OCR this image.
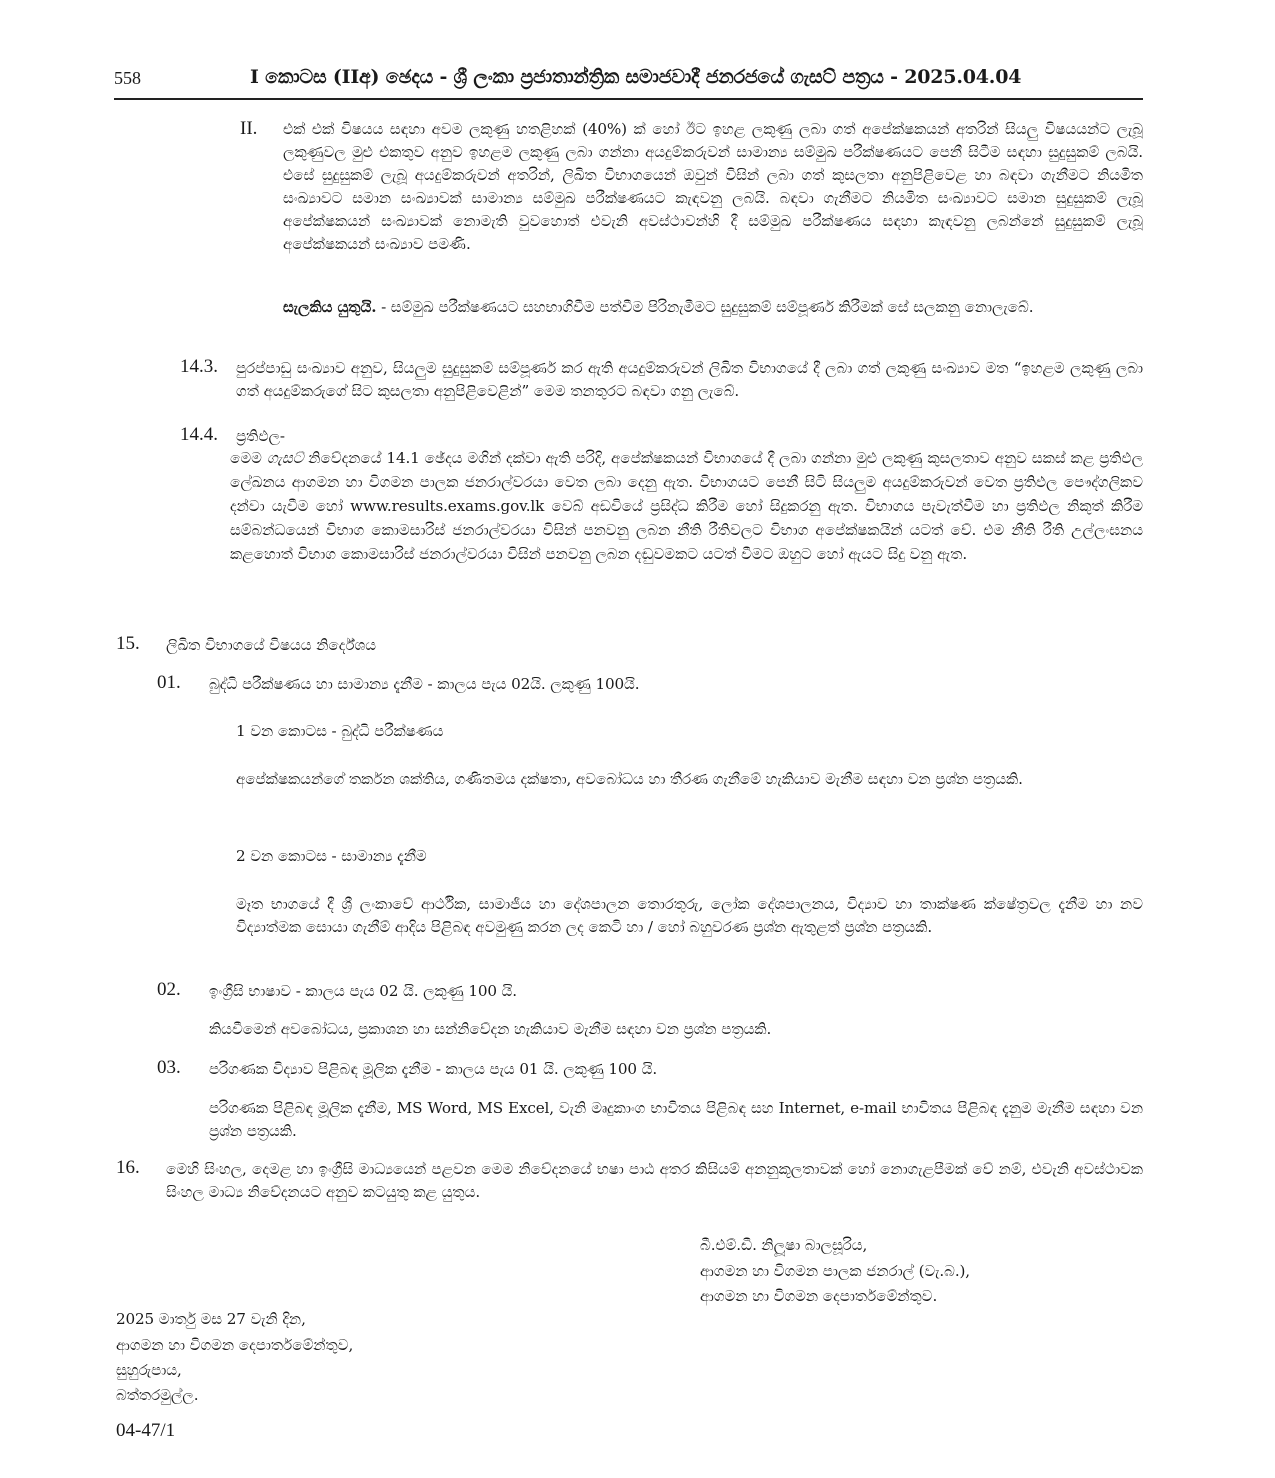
558	I කොටස (IIඅ) ඡෙදය - ශ්‍රී ලංකා ප්‍රජාතාන්ත්‍රික සමාජවාදී ජනරජයේ ගැසට් පත්‍රය - 2025.04.04
II. එක් එක් විෂයය සඳහා අවම ලකුණු හතළිහක් (40%) ක් හෝ ඊට ඉහළ ලකුණු ලබා ගත් අපේක්ෂකයන් අතරින් සියලු විෂයයන්ට ලැබූ ලකුණුවල මුළු එකතුව අනුව ඉහළම ලකුණු ලබා ගන්නා අයදුම්කරුවන් සාමාන්‍ය සම්මුඛ පරීක්ෂණයට පෙනී සිටීම සඳහා සුදුසුකම් ලබයි. එසේ සුදුසුකම් ලැබූ අයදුම්කරුවන් අතරින්, ලිඛිත විභාගයෙන් ඔවුන් විසින් ලබා ගත් කුසලතා අනුපිළිවෙළ හා බඳවා ගැනීමට නියමිත සංඛ්‍යාවට සමාන සංඛ්‍යාවක් සාමාන්‍ය සම්මුඛ පරීක්ෂණයට කැඳවනු ලබයි. බඳවා ගැනීමට නියමිත සංඛ්‍යාවට සමාන සුදුසුකම් ලැබූ අපේක්ෂකයන් සංඛ්‍යාවක් නොමැති වුවහොත් එවැනි අවස්ථාවන්හි දී සම්මුඛ පරීක්ෂණය සඳහා කැඳවනු ලබන්නේ සුදුසුකම් ලැබූ අපේක්ෂකයන් සංඛ්‍යාව පමණි.
සැලකිය යුතුයි. - සම්මුඛ පරීක්ෂණයට සහභාගිවීම පත්වීම පිරිනැමීමට සුදුසුකම් සම්පූර්ණ කිරීමක් සේ සලකනු නොලැබේ.
14.3. පුරප්පාඩු සංඛ්‍යාව අනුව, සියලුම සුදුසුකම් සම්පූර්ණ කර ඇති අයදුම්කරුවන් ලිඛිත විභාගයේ දී ලබා ගත් ලකුණු සංඛ්‍යාව මත “ඉහළම ලකුණු ලබා ගත් අයදුම්කරුගේ සිට කුසලතා අනුපිළිවෙළින්” මෙම තනතුරට බඳවා ගනු ලැබේ.
14.4. ප්‍රතිඵල-
මෙම ගැසට් නිවේදනයේ 14.1 ඡේදය මගින් දක්වා ඇති පරිදි, අපේක්ෂකයන් විභාගයේ දී ලබා ගන්නා මුළු ලකුණු කුසලතාව අනුව සකස් කළ ප්‍රතිඵල ලේඛනය ආගමන හා විගමන පාලක ජනරාල්වරයා වෙත ලබා දෙනු ඇත. විභාගයට පෙනී සිටි සියලුම අයදුම්කරුවන් වෙත ප්‍රතිඵල පෞද්ගලිකව දන්වා යැවීම හෝ www.results.exams.gov.lk වෙබ් අඩවියේ ප්‍රසිද්ධ කිරීම හෝ සිදුකරනු ඇත. විභාගය පැවැත්වීම හා ප්‍රතිඵල නිකුත් කිරීම සම්බන්ධයෙන් විභාග කොමසාරිස් ජනරාල්වරයා විසින් පනවනු ලබන නීති රීතිවලට විභාග අපේක්ෂකයින් යටත් වේ. එම නීති රීති උල්ලංඝනය කළහොත් විභාග කොමසාරිස් ජනරාල්වරයා විසින් පනවනු ලබන දඬුවමකට යටත් වීමට ඔහුට හෝ ඇයට සිදු වනු ඇත.
15. ලිඛිත විභාගයේ විෂයය නිර්දේශය
01. බුද්ධි පරීක්ෂණය හා සාමාන්‍ය දැනීම - කාලය පැය 02යි. ලකුණු 100යි.
1 වන කොටස - බුද්ධි පරීක්ෂණය
අපේක්ෂකයන්ගේ තර්කන ශක්තිය, ගණිතමය දක්ෂතා, අවබෝධය හා තීරණ ගැනීමේ හැකියාව මැනීම සඳහා වන ප්‍රශ්න පත්‍රයකි.
2 වන කොටස - සාමාන්‍ය දැනීම
මෑත භාගයේ දී ශ්‍රී ලංකාවේ ආර්ථික, සාමාජීය හා දේශපාලන තොරතුරු, ලෝක දේශපාලනය, විද්‍යාව හා තාක්ෂණ ක්ෂේත්‍රවල දැනීම හා නව විද්‍යාත්මක සොයා ගැනීම් ආදිය පිළිබඳ අවමුණු කරන ලද කෙටි හා / හෝ බහුවරණ ප්‍රශ්න ඇතුළත් ප්‍රශ්න පත්‍රයකි.
02. ඉංග්‍රීසි භාෂාව - කාලය පැය 02 යි. ලකුණු 100 යි.
කියවීමෙන් අවබෝධය, ප්‍රකාශන හා සන්නිවේදන හැකියාව මැනීම සඳහා වන ප්‍රශ්න පත්‍රයකි.
03. පරිගණක විද්‍යාව පිළිබඳ මූලික දැනීම - කාලය පැය 01 යි. ලකුණු 100 යි.
පරිගණක පිළිබඳ මූලික දැනීම, MS Word, MS Excel, වැනි මෘදුකාංග භාවිතය පිළිබඳ සහ Internet, e-mail භාවිතය පිළිබඳ දැනුම මැනීම සඳහා වන ප්‍රශ්න පත්‍රයකි.
16. මෙහි සිංහල, දෙමළ හා ඉංග්‍රීසි මාධ්‍යයෙන් පළවන මෙම නිවේදනයේ භෂා පාඨ අතර කිසියම් අනනුකූලතාවක් හෝ නොගැළපීමක් වේ නම්, එවැනි අවස්ථාවක සිංහල මාධ්‍ය නිවේදනයට අනුව කටයුතු කළ යුතුය.
බී.එම්.ඩී. නිලූෂා බාලසූරිය,
ආගමන හා විගමන පාලක ජනරාල් (වැ.බ.),
ආගමන හා විගමන දෙපාර්තමේන්තුව.
2025 මාර්තු මස 27 වැනි දින,
ආගමන හා විගමන දෙපාර්තමේන්තුව,
සුහුරුපාය,
බත්තරමුල්ල.
04-47/1
